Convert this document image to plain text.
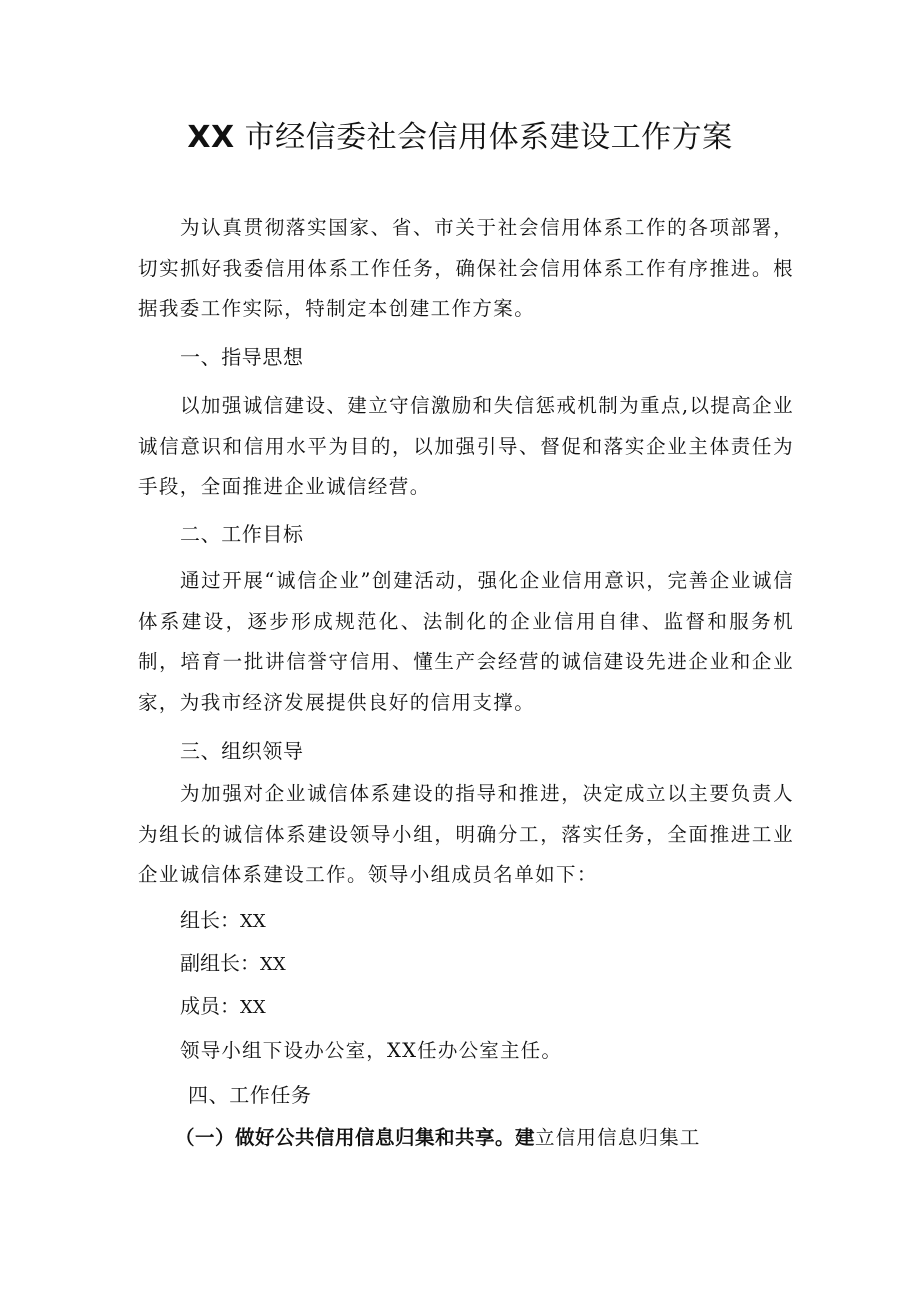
XX 市经信委社会信用体系建设工作方案

为认真贯彻落实国家、省、市关于社会信用体系工作的各项部署，切实抓好我委信用体系工作任务，确保社会信用体系工作有序推进。根据我委工作实际，特制定本创建工作方案。

一、指导思想

以加强诚信建设、建立守信激励和失信惩戒机制为重点,以提高企业诚信意识和信用水平为目的，以加强引导、督促和落实企业主体责任为手段，全面推进企业诚信经营。

二、工作目标

通过开展“诚信企业”创建活动，强化企业信用意识，完善企业诚信体系建设，逐步形成规范化、法制化的企业信用自律、监督和服务机制，培育一批讲信誉守信用、懂生产会经营的诚信建设先进企业和企业家，为我市经济发展提供良好的信用支撑。

三、组织领导

为加强对企业诚信体系建设的指导和推进，决定成立以主要负责人为组长的诚信体系建设领导小组，明确分工，落实任务，全面推进工业企业诚信体系建设工作。领导小组成员名单如下：

组长：XX

副组长：XX

成员：XX

领导小组下设办公室，XX任办公室主任。

四、工作任务

（一）做好公共信用信息归集和共享。建立信用信息归集工
